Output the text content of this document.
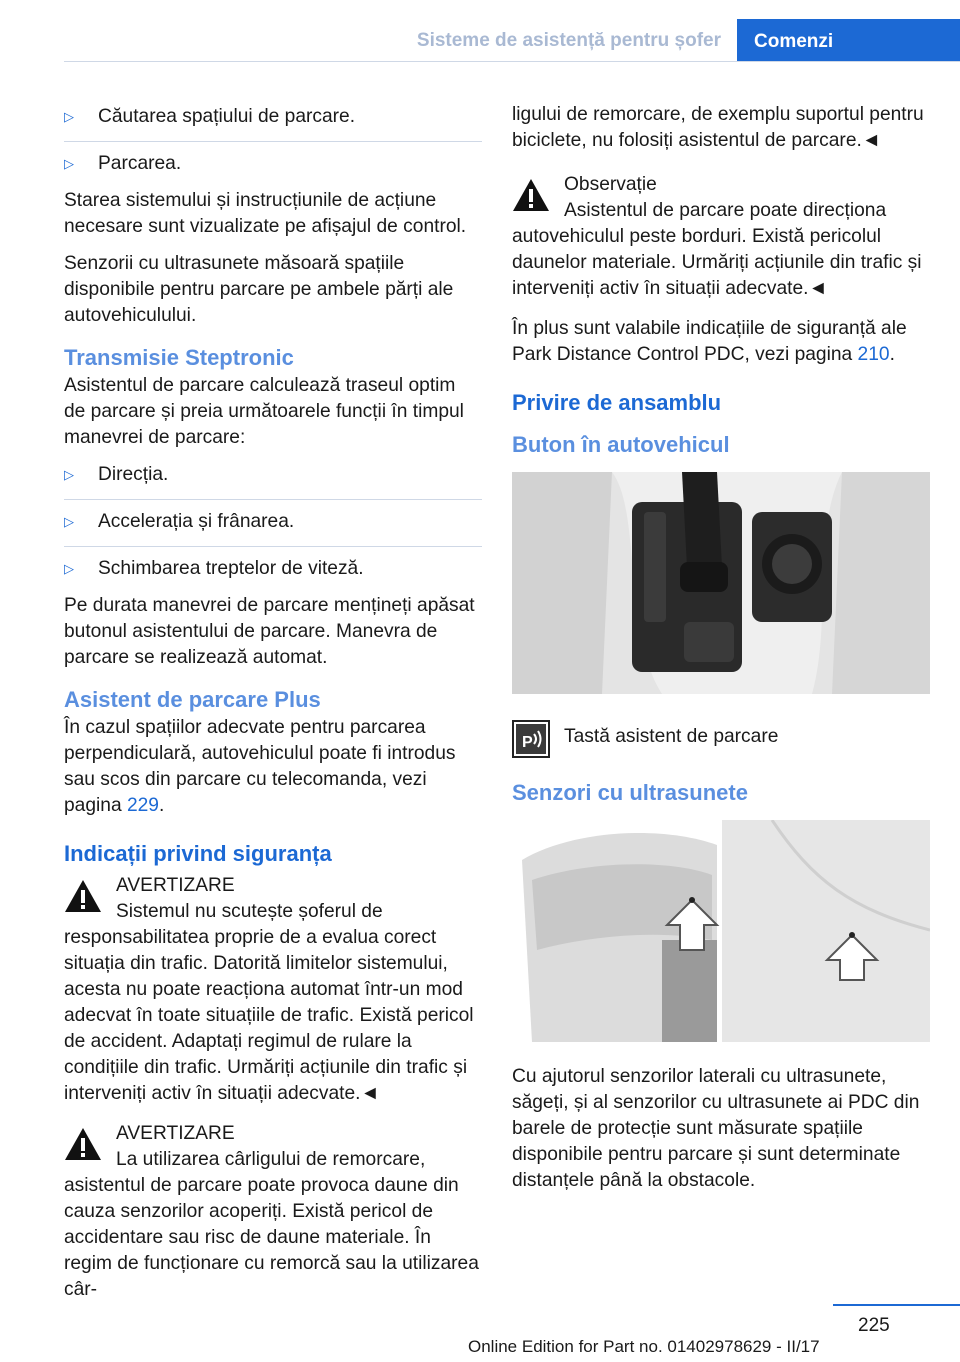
Sisteme de asistență pentru șofer	Comenzi
▷	Căutarea spațiului de parcare.
▷	Parcarea.

Starea sistemului și instrucțiunile de acțiune necesare sunt vizualizate pe afișajul de control.

Senzorii cu ultrasunete măsoară spațiile disponibile pentru parcare pe ambele părți ale autovehiculului.

Transmisie Steptronic

Asistentul de parcare calculează traseul optim de parcare și preia următoarele funcții în timpul manevrei de parcare:

▷	Direcția.
▷	Accelerația și frânarea.
▷	Schimbarea treptelor de viteză.

Pe durata manevrei de parcare mențineți apăsat butonul asistentului de parcare. Manevra de parcare se realizează automat.

Asistent de parcare Plus

În cazul spațiilor adecvate pentru parcarea perpendiculară, autovehiculul poate fi introdus sau scos din parcare cu telecomanda, vezi pagina 229.

Indicații privind siguranța
AVERTIZARE
Sistemul nu scutește șoferul de responsabilitatea proprie de a evalua corect situația din trafic. Datorită limitelor sistemului, acesta nu poate reacționa automat într-un mod adecvat în toate situațiile de trafic. Există pericol de accident. Adaptați regimul de rulare la condițiile din trafic. Urmăriți acțiunile din trafic și interveniți activ în situații adecvate.◄
AVERTIZARE
La utilizarea cârligului de remorcare, asistentul de parcare poate provoca daune din cauza senzorilor acoperiți. Există pericol de accidentare sau risc de daune materiale. În regim de funcționare cu remorcă sau la utilizarea câr-

ligului de remorcare, de exemplu suportul pentru biciclete, nu folosiți asistentul de parcare.◄

Observație
Asistentul de parcare poate direcționa autovehiculul peste borduri. Există pericolul daunelor materiale. Urmăriți acțiunile din trafic și interveniți activ în situații adecvate.◄

În plus sunt valabile indicațiile de siguranță ale Park Distance Control PDC, vezi pagina 210.

Privire de ansamblu
Buton în autovehicul
P Tastă asistent de parcare
Senzori cu ultrasunete

Cu ajutorul senzorilor laterali cu ultrasunete, săgeți, și al senzorilor cu ultrasunete ai PDC din barele de protecție sunt măsurate spațiile disponibile pentru parcare și sunt determinate distanțele până la obstacole.

225
Online Edition for Part no. 01402978629 - II/17
